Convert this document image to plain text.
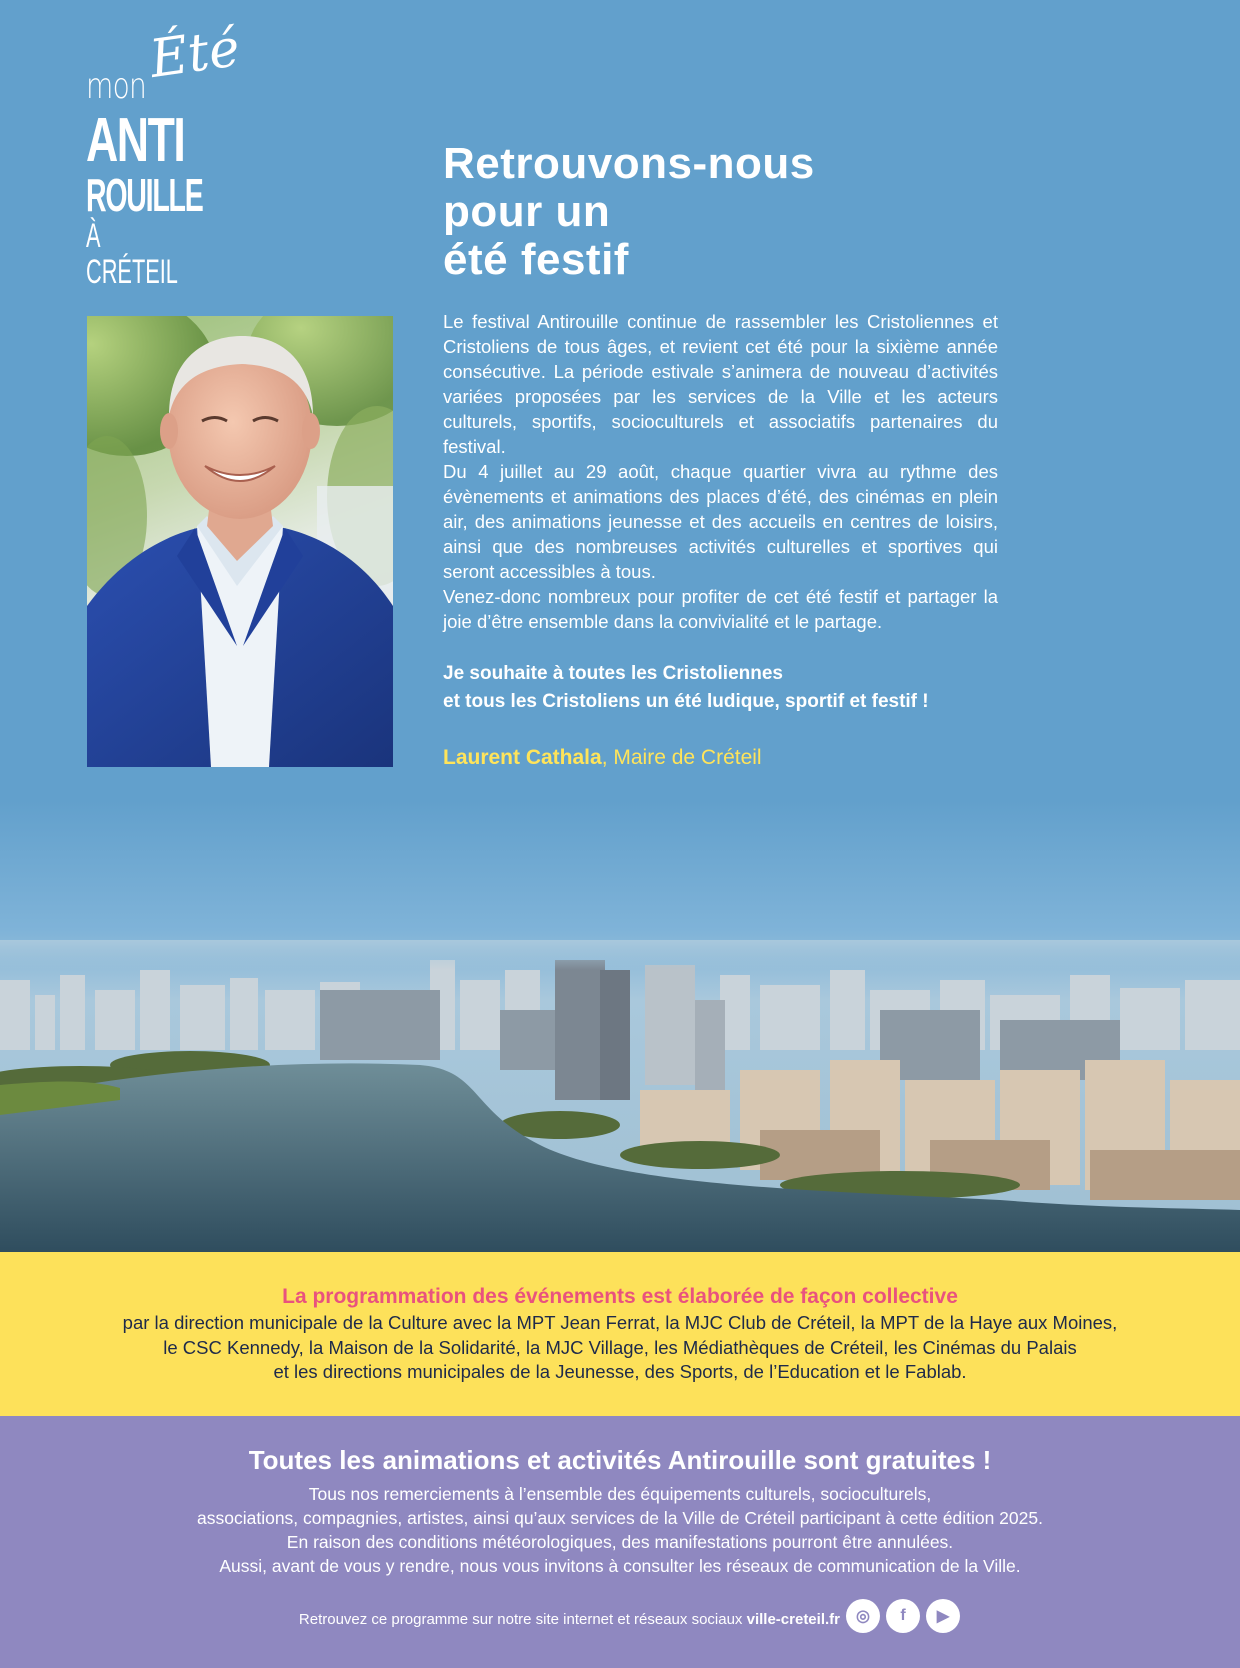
Été
mon
ANTI
ROUILLE
À CRÉTEIL
Retrouvons-nous
pour un
été festif

Le festival Antirouille continue de rassembler les Cristoliennes et Cristoliens de tous âges, et revient cet été pour la sixième année consécutive. La période estivale s’animera de nouveau d’activités variées proposées par les services de la Ville et les acteurs culturels, sportifs, socioculturels et associatifs partenaires du festival.

Du 4 juillet au 29 août, chaque quartier vivra au rythme des évènements et animations des places d’été, des cinémas en plein air, des animations jeunesse et des accueils en centres de loisirs, ainsi que des nombreuses activités culturelles et sportives qui seront accessibles à tous.

Venez-donc nombreux pour profiter de cet été festif et partager la joie d’être ensemble dans la convivialité et le partage.

Je souhaite à toutes les Cristoliennes
et tous les Cristoliens un été ludique, sportif et festif !
Laurent Cathala, Maire de Créteil
La programmation des événements est élaborée de façon collective
par la direction municipale de la Culture avec la MPT Jean Ferrat, la MJC Club de Créteil, la MPT de la Haye aux Moines,
le CSC Kennedy, la Maison de la Solidarité, la MJC Village, les Médiathèques de Créteil, les Cinémas du Palais
et les directions municipales de la Jeunesse, des Sports, de l’Education et le Fablab.
Toutes les animations et activités Antirouille sont gratuites !
Tous nos remerciements à l’ensemble des équipements culturels, socioculturels,
associations, compagnies, artistes, ainsi qu’aux services de la Ville de Créteil participant à cette édition 2025.
En raison des conditions météorologiques, des manifestations pourront être annulées.
Aussi, avant de vous y rendre, nous vous invitons à consulter les réseaux de communication de la Ville.
Retrouvez ce programme sur notre site internet et réseaux sociaux ville-creteil.fr ◎ f ▶
